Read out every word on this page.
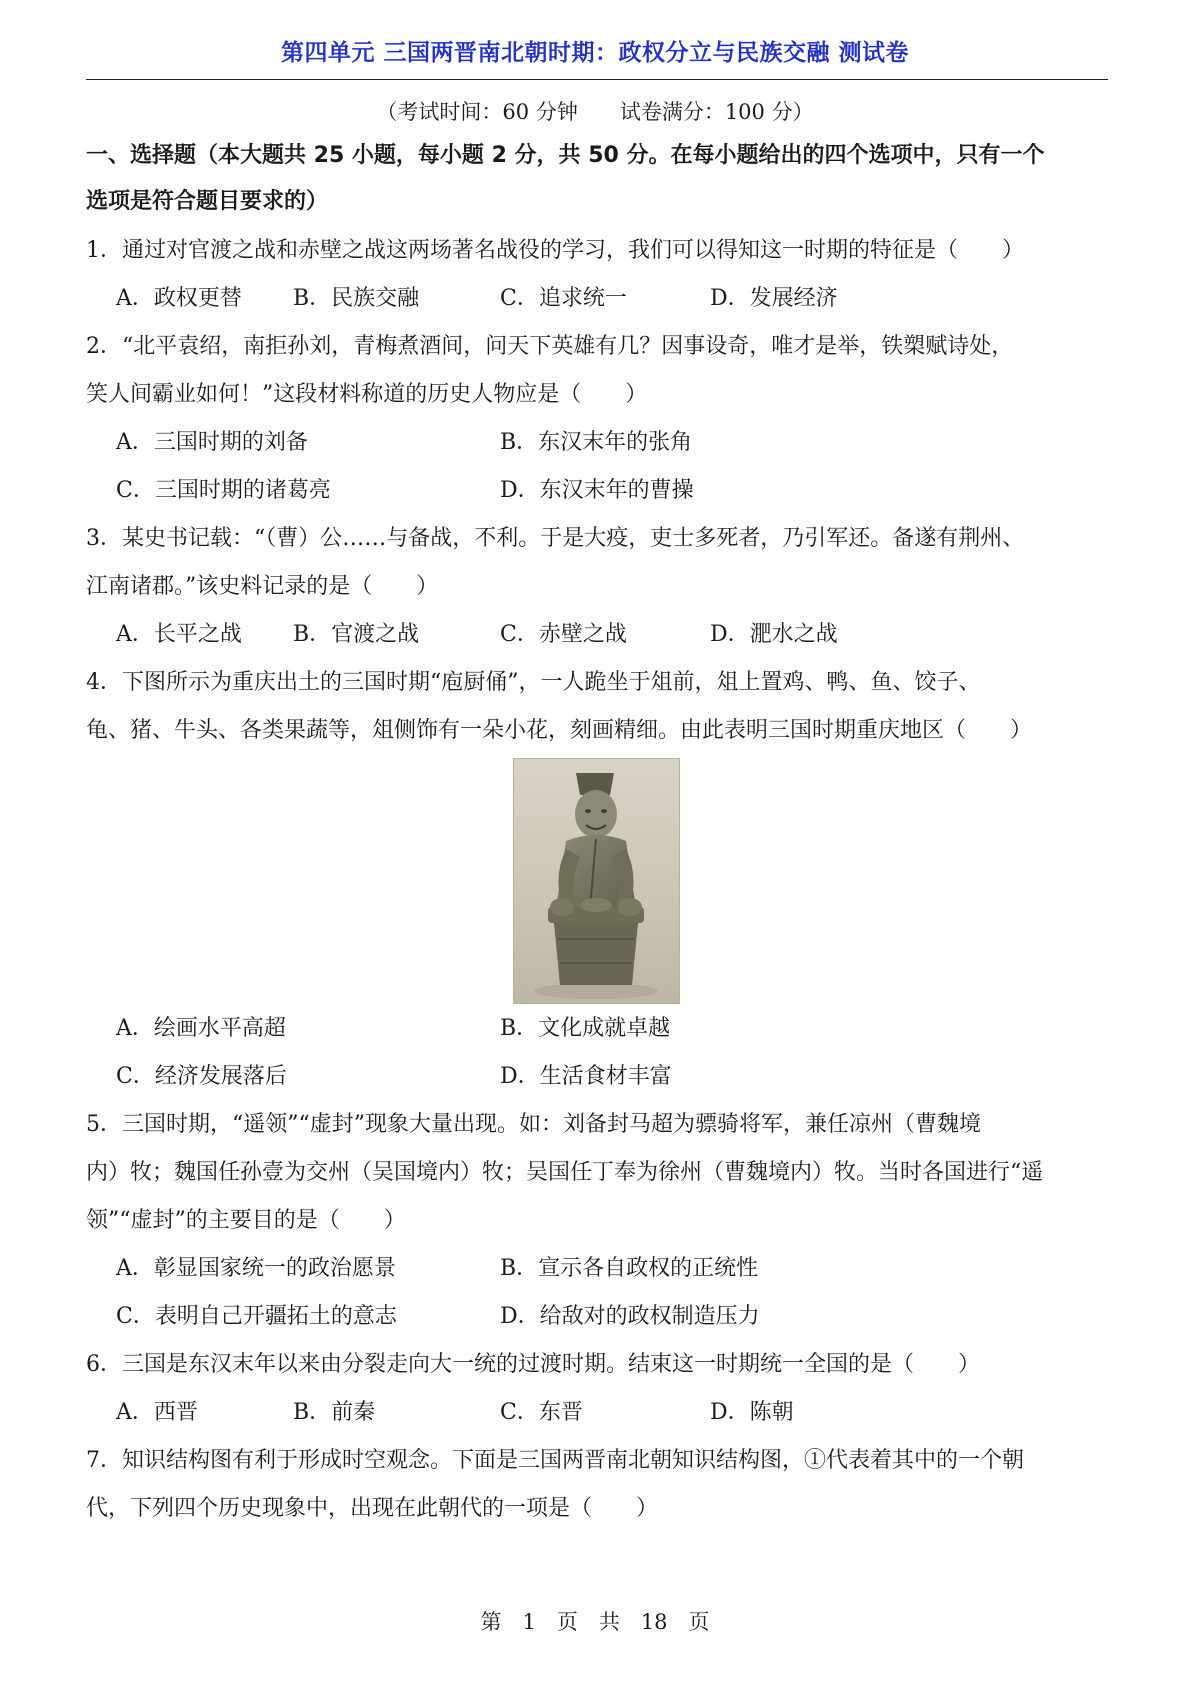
第四单元 三国两晋南北朝时期：政权分立与民族交融 测试卷
（考试时间：60 分钟　　试卷满分：100 分）
一、选择题（本大题共 25 小题，每小题 2 分，共 50 分。在每小题给出的四个选项中，只有一个
选项是符合题目要求的）
1．通过对官渡之战和赤壁之战这两场著名战役的学习，我们可以得知这一时期的特征是（　　）
A．政权更替 B．民族交融	C．追求统一	D．发展经济
2．“北平袁绍，南拒孙刘，青梅煮酒间，问天下英雄有几？因事设奇，唯才是举，铁槊赋诗处，
笑人间霸业如何！”这段材料称道的历史人物应是（　　）
A．三国时期的刘备	B．东汉末年的张角
C．三国时期的诸葛亮	D．东汉末年的曹操
3．某史书记载：“（曹）公……与备战，不利。于是大疫，吏士多死者，乃引军还。备遂有荆州、
江南诸郡。”该史料记录的是（　　）
A．长平之战 B．官渡之战	C．赤壁之战	D．淝水之战
4．下图所示为重庆出土的三国时期“庖厨俑”，一人跪坐于俎前，俎上置鸡、鸭、鱼、饺子、
龟、猪、牛头、各类果蔬等，俎侧饰有一朵小花，刻画精细。由此表明三国时期重庆地区（　　）
A．绘画水平高超	B．文化成就卓越
C．经济发展落后	D．生活食材丰富
5．三国时期，“遥领”“虚封”现象大量出现。如：刘备封马超为骠骑将军，兼任凉州（曹魏境
内）牧；魏国任孙壹为交州（吴国境内）牧；吴国任丁奉为徐州（曹魏境内）牧。当时各国进行“遥
领”“虚封”的主要目的是（　　）
A．彰显国家统一的政治愿景	B．宣示各自政权的正统性
C．表明自己开疆拓土的意志	D．给敌对的政权制造压力
6．三国是东汉末年以来由分裂走向大一统的过渡时期。结束这一时期统一全国的是（　　）
A．西晋	B．前秦	C．东晋	D．陈朝
7．知识结构图有利于形成时空观念。下面是三国两晋南北朝知识结构图，①代表着其中的一个朝
代，下列四个历史现象中，出现在此朝代的一项是（　　）
第　1　页　共　18　页
